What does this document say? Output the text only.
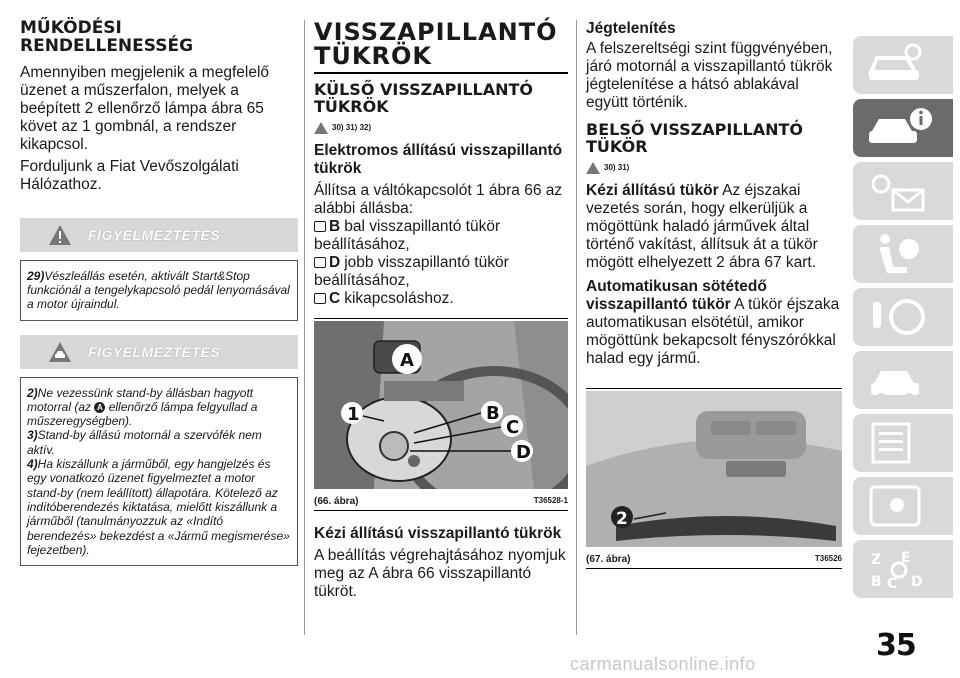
MŰKÖDÉSI
RENDELLENESSÉG

Amennyiben megjelenik a megfelelő üzenet a műszerfalon, melyek a beépített 2 ellenőrző lámpa ábra 65 követ az 1 gombnál, a rendszer kikapcsol.

Forduljunk a Fiat Vevőszolgálati Hálózathoz.

FIGYELMEZTETÉS
29)Vészleállás esetén, aktivált Start&Stop funkciónál a tengelykapcsoló pedál lenyomásával a motor újraindul.
FIGYELMEZTETÉS
2)Ne vezessünk stand-by állásban hagyott motorral (az A ellenőrző lámpa felgyullad a műszeregységben).
3)Stand-by állású motornál a szervófék nem aktív.
4)Ha kiszállunk a járműből, egy hangjelzés és egy vonatkozó üzenet figyelmeztet a motor stand-by (nem leállított) állapotára. Kötelező az indítóberendezés kiktatása, mielőtt kiszállunk a járműből (tanulmányozzuk az «Indító berendezés» bekezdést a «Jármű megismerése» fejezetben).
VISSZAPILLANTÓ
TÜKRÖK
KÜLSŐ VISSZAPILLANTÓ
TÜKRÖK
30) 31) 32)
Elektromos állítású visszapillantó tükrök

Állítsa a váltókapcsolót 1 ábra 66 az alábbi állásba:

B bal visszapillantó tükör

beállításához,

D jobb visszapillantó tükör

beállításához,

C kikapcsoláshoz.

A
1	B
C
D
(66. ábra)	T36528-1
Kézi állítású visszapillantó tükrök

A beállítás végrehajtásához nyomjuk meg az A ábra 66 visszapillantó tükröt.

Jégtelenítés

A felszereltségi szint függvényében, járó motornál a visszapillantó tükrök jégtelenítése a hátsó ablakával együtt történik.

BELSŐ VISSZAPILLANTÓ
TÜKÖR
30) 31)

Kézi állítású tükör Az éjszakai vezetés során, hogy elkerüljük a mögöttünk haladó járművek által történő vakítást, állítsuk át a tükör mögött elhelyezett 2 ábra 67 kart.

Automatikusan sötétedő

visszapillantó tükör A tükör éjszaka automatikusan elsötétül, amikor mögöttünk bekapcsolt fényszórókkal halad egy jármű.

2
(67. ábra)	T36526 Z E
B C D
35
carmanualsonline.info
